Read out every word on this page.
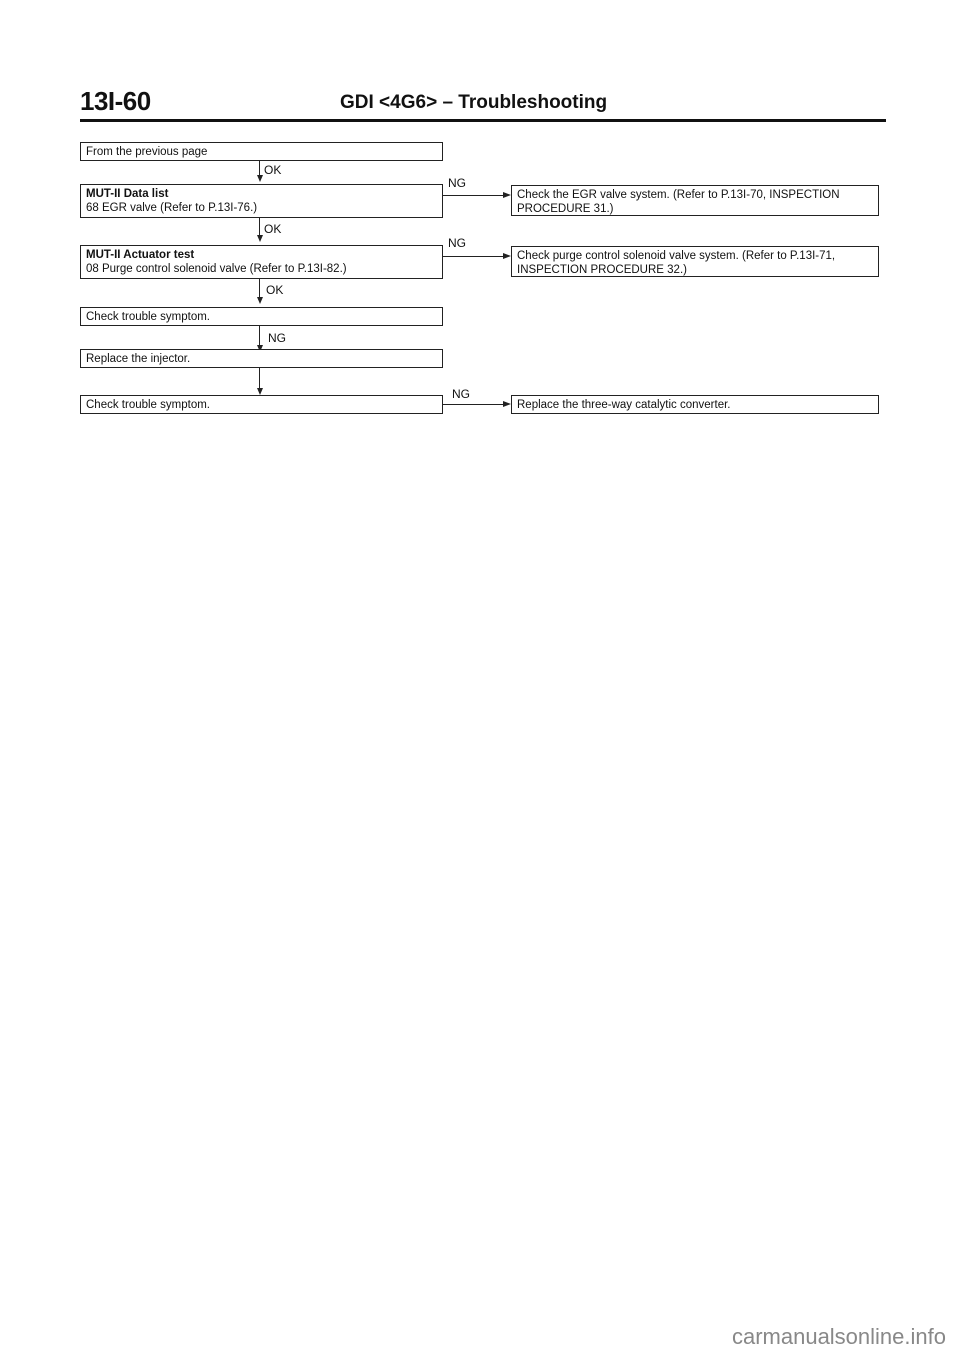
13I-60	GDI <4G6> – Troubleshooting
From the previous page
OK
MUT-II Data list
68 EGR valve (Refer to P.13I-76.)
NG
Check the EGR valve system. (Refer to P.13I-70, INSPECTION
PROCEDURE 31.)
OK
MUT-II Actuator test
08 Purge control solenoid valve (Refer to P.13I-82.)
NG
Check purge control solenoid valve system. (Refer to P.13I-71,
INSPECTION PROCEDURE 32.)
OK
Check trouble symptom.
NG
Replace the injector.
Check trouble symptom.
NG
Replace the three-way catalytic converter.
carmanualsonline.info
